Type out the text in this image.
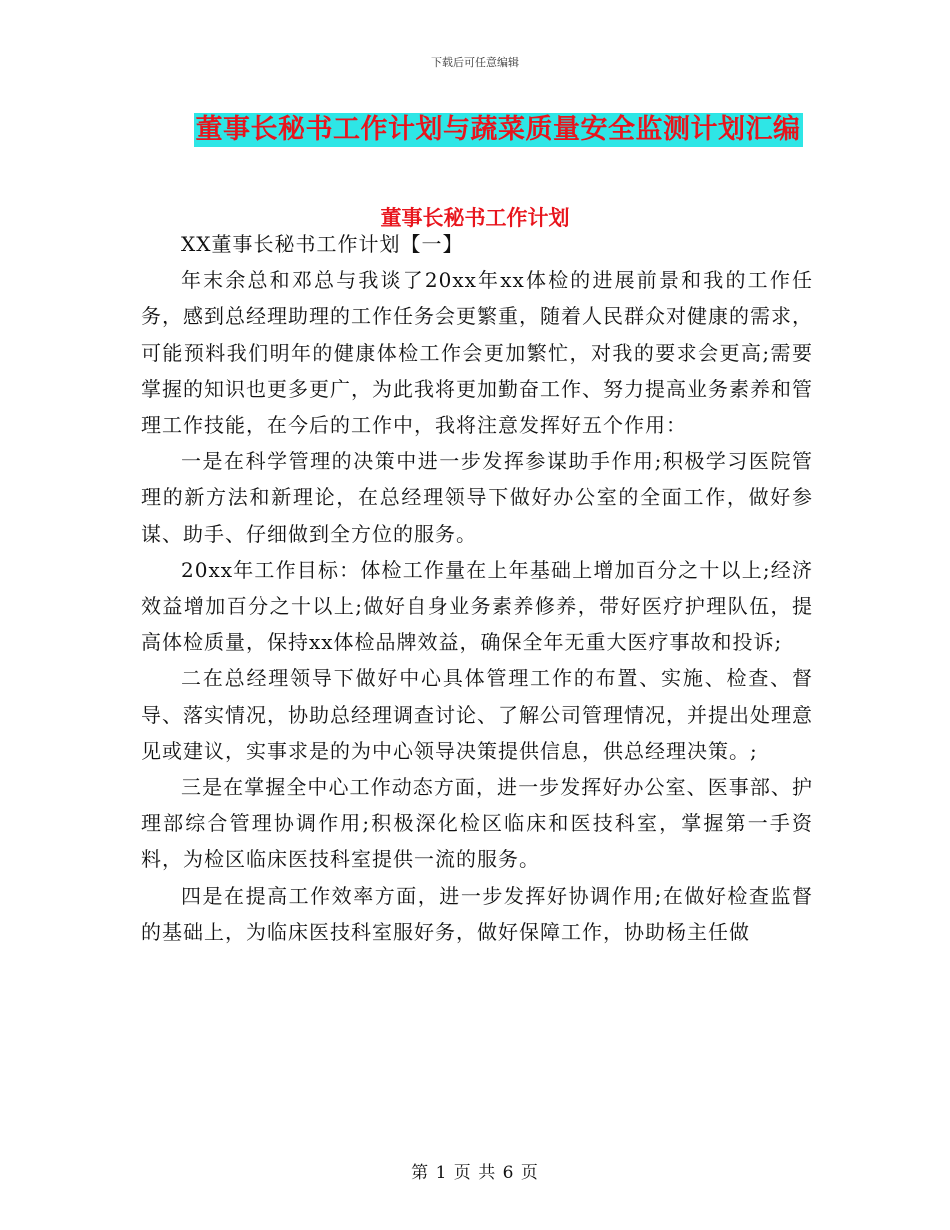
下载后可任意编辑
董事长秘书工作计划与蔬菜质量安全监测计划汇编
董事长秘书工作计划

XX董事长秘书工作计划【一】

年末余总和邓总与我谈了20xx年xx体检的进展前景和我的工作任务，感到总经理助理的工作任务会更繁重，随着人民群众对健康的需求，可能预料我们明年的健康体检工作会更加繁忙，对我的要求会更高;需要掌握的知识也更多更广，为此我将更加勤奋工作、努力提高业务素养和管理工作技能，在今后的工作中，我将注意发挥好五个作用：

一是在科学管理的决策中进一步发挥参谋助手作用;积极学习医院管理的新方法和新理论，在总经理领导下做好办公室的全面工作，做好参谋、助手、仔细做到全方位的服务。

20xx年工作目标：体检工作量在上年基础上增加百分之十以上;经济效益增加百分之十以上;做好自身业务素养修养，带好医疗护理队伍，提高体检质量，保持xx体检品牌效益，确保全年无重大医疗事故和投诉;

二在总经理领导下做好中心具体管理工作的布置、实施、检查、督导、落实情况，协助总经理调查讨论、了解公司管理情况，并提出处理意见或建议，实事求是的为中心领导决策提供信息，供总经理决策。;

三是在掌握全中心工作动态方面，进一步发挥好办公室、医事部、护理部综合管理协调作用;积极深化检区临床和医技科室，掌握第一手资料，为检区临床医技科室提供一流的服务。

四是在提高工作效率方面，进一步发挥好协调作用;在做好检查监督的基础上，为临床医技科室服好务，做好保障工作，协助杨主任做

第 1 页 共 6 页
